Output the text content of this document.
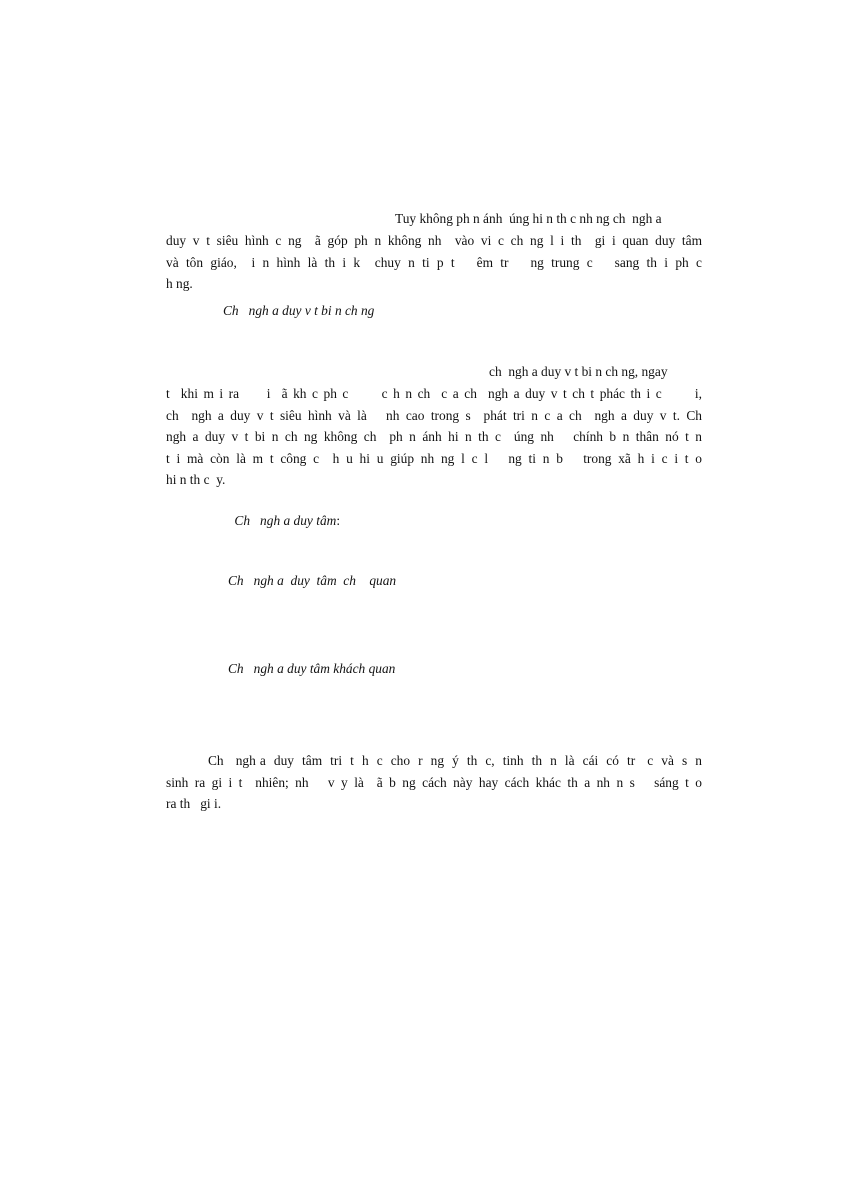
Tuy không ph n ánh  úng hi n th c nh ng ch  ngh a
duy v t siêu hình c ng  ã góp ph n không nh  vào vi c ch ng l i th  gi i quan duy tâm
và tôn giáo,  i n hình là th i k  chuy n ti p t   êm tr   ng trung c   sang th i ph c
h ng.
Ch   ngh a duy v t bi n ch ng
ch  ngh a duy v t bi n ch ng, ngay
t  khi m i ra     i  ã kh c ph c      c h n ch  c a ch  ngh a duy v t ch t phác th i c      i,
ch  ngh a duy v t siêu hình và là   nh cao trong s  phát tri n c a ch  ngh a duy v t. Ch
ngh a duy v t bi n ch ng không ch  ph n ánh hi n th c  úng nh   chính b n thân nó t n
t i mà còn là m t công c  h u hi u giúp nh ng l c l   ng ti n b   trong xã h i c i t o
hi n th c  y.

Ch   ngh a duy tâm:

Ch   ngh a  duy  tâm  ch    quan
Ch   ngh a duy tâm khách quan
Ch   ngh a  duy  tâm  tri  t  h  c  cho  r  ng  ý  th  c,  tinh  th  n  là  cái  có  tr   c  và  s  n
sinh ra gi i t  nhiên; nh   v y là  ã b ng cách này hay cách khác th a nh n s   sáng t o
ra th   gi i.
